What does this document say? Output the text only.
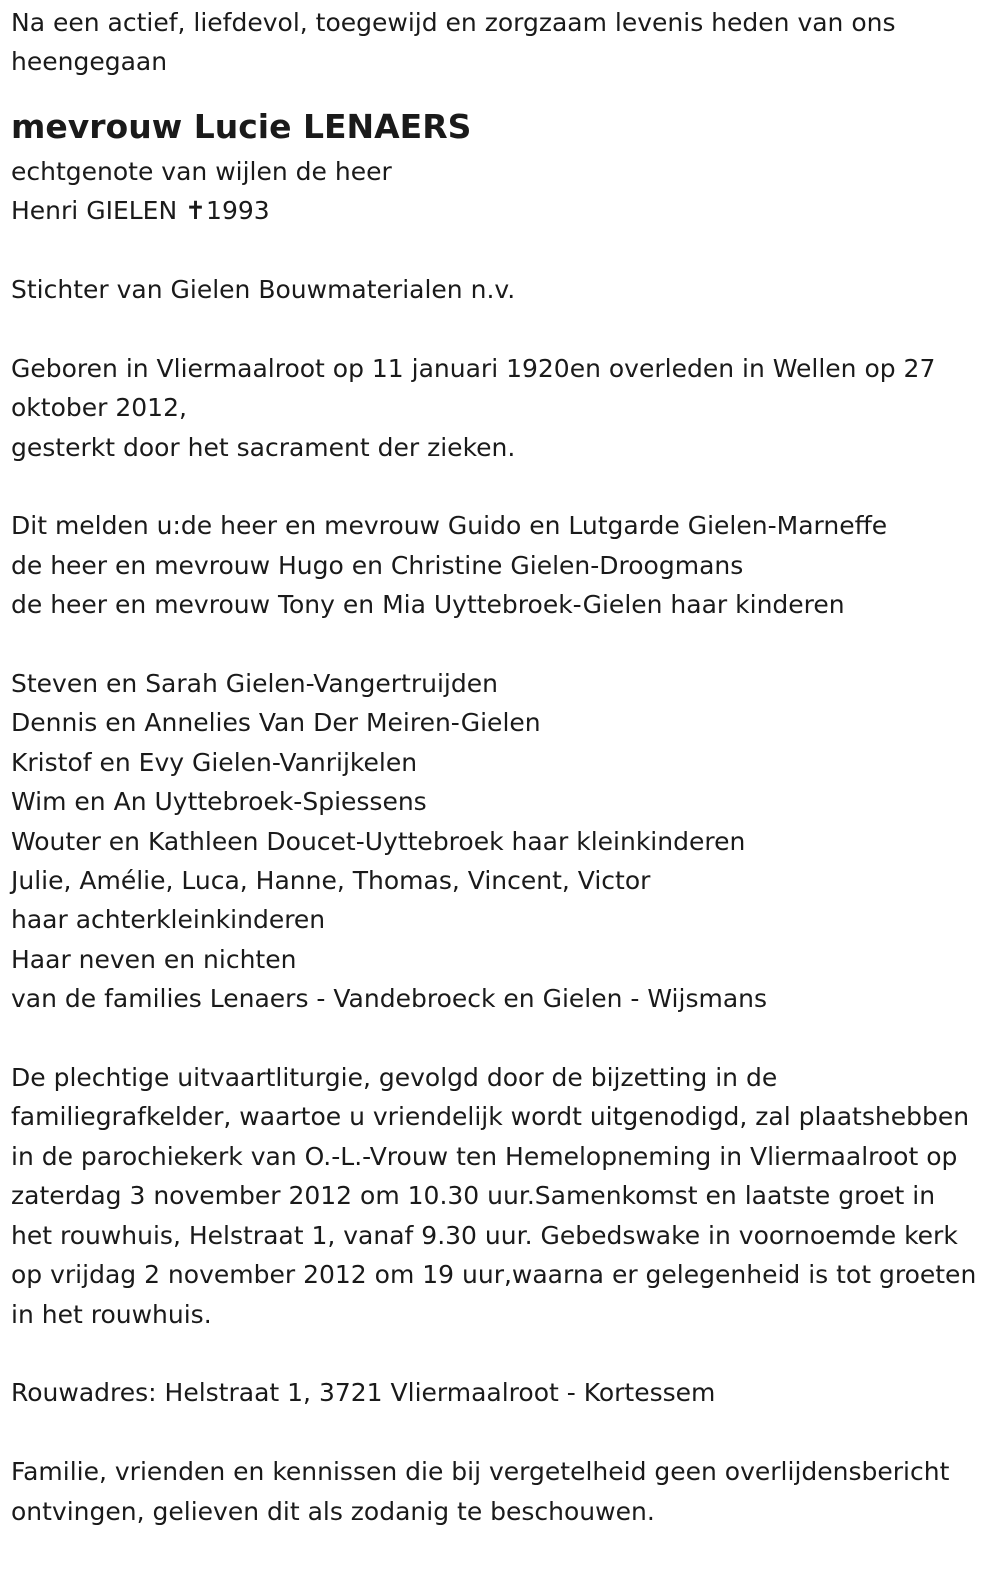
Na een actief, liefdevol, toegewijd en zorgzaam levenis heden van ons heengegaan

mevrouw Lucie LENAERS
echtgenote van wijlen de heer
Henri GIELEN ✝1993
Stichter van Gielen Bouwmaterialen n.v.

Geboren in Vliermaalroot op 11 januari 1920en overleden in Wellen op 27 oktober 2012,

gesterkt door het sacrament der zieken.
Dit melden u:de heer en mevrouw Guido en Lutgarde Gielen-Marneffe
de heer en mevrouw Hugo en Christine Gielen-Droogmans
de heer en mevrouw Tony en Mia Uyttebroek-Gielen haar kinderen
Steven en Sarah Gielen-Vangertruijden
Dennis en Annelies Van Der Meiren-Gielen
Kristof en Evy Gielen-Vanrijkelen
Wim en An Uyttebroek-Spiessens
Wouter en Kathleen Doucet-Uyttebroek haar kleinkinderen
Julie, Amélie, Luca, Hanne, Thomas, Vincent, Victor
haar achterkleinkinderen
Haar neven en nichten
van de families Lenaers - Vandebroeck en Gielen - Wijsmans

De plechtige uitvaartliturgie, gevolgd door de bijzetting in de familiegrafkelder, waartoe u vriendelijk wordt uitgenodigd, zal plaatshebben in de parochiekerk van O.-L.-Vrouw ten Hemelopneming in Vliermaalroot op zaterdag 3 november 2012 om 10.30 uur.Samenkomst en laatste groet in het rouwhuis, Helstraat 1, vanaf 9.30 uur. Gebedswake in voornoemde kerk op vrijdag 2 november 2012 om 19 uur,waarna er gelegenheid is tot groeten in het rouwhuis.

Rouwadres: Helstraat 1, 3721 Vliermaalroot - Kortessem

Familie, vrienden en kennissen die bij vergetelheid geen overlijdensbericht ontvingen, gelieven dit als zodanig te beschouwen.
